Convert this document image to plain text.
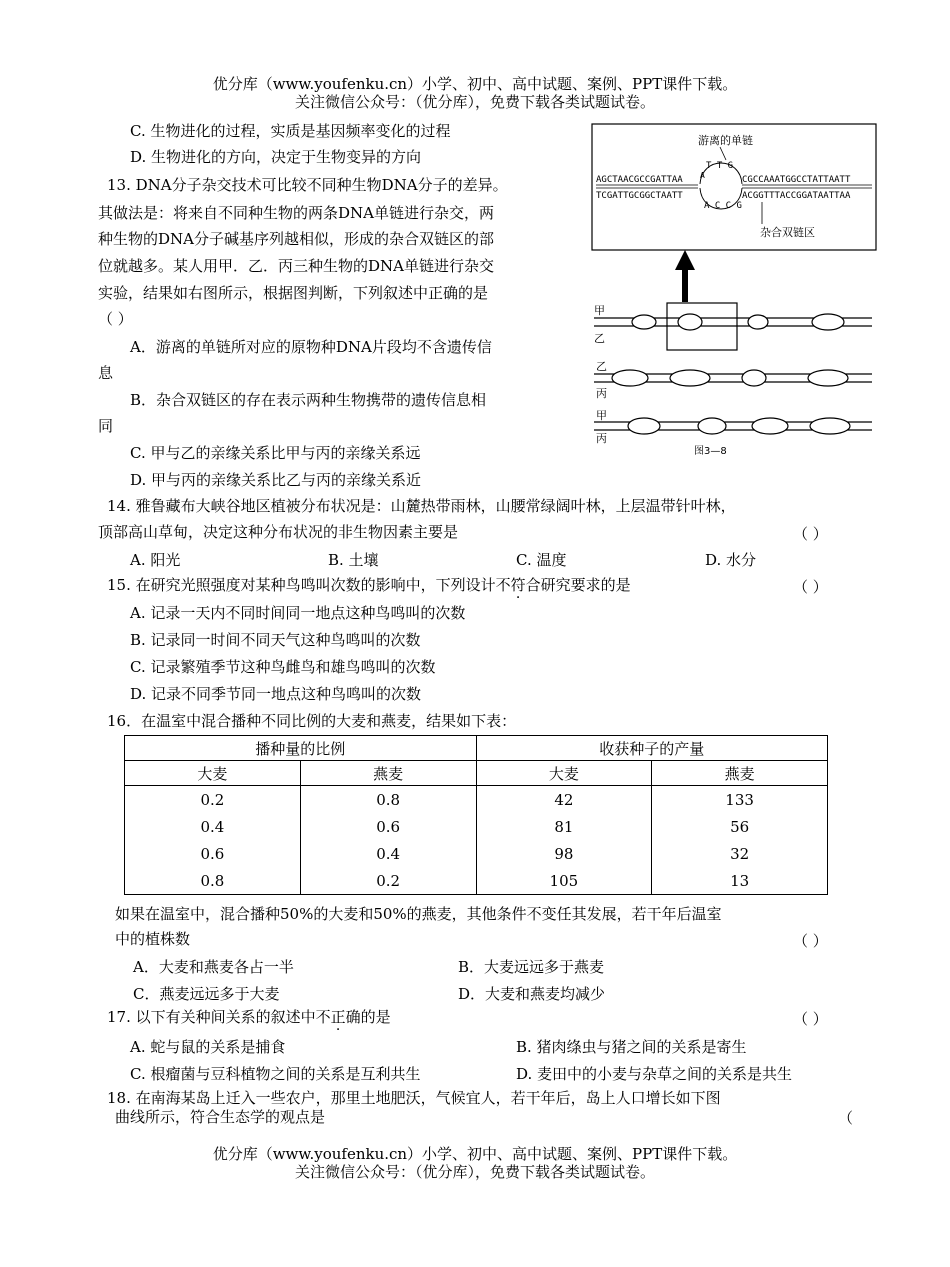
优分库（www.youfenku.cn）小学、初中、高中试题、案例、PPT课件下载。
关注微信公众号：（优分库），免费下载各类试题试卷。
C. 生物进化的过程，实质是基因频率变化的过程
D. 生物进化的方向，决定于生物变异的方向
13. DNA分子杂交技术可比较不同种生物DNA分子的差异。
其做法是：将来自不同种生物的两条DNA单链进行杂交，两
种生物的DNA分子碱基序列越相似，形成的杂合双链区的部
位就越多。某人用甲．乙．丙三种生物的DNA单链进行杂交
实验，结果如右图所示，根据图判断，下列叙述中正确的是
（ ）
A．游离的单链所对应的原物种DNA片段均不含遗传信
息
B．杂合双链区的存在表示两种生物携带的遗传信息相
同
C. 甲与乙的亲缘关系比甲与丙的亲缘关系远
D. 甲与丙的亲缘关系比乙与丙的亲缘关系近
游离的单链
AGCTAACGCCGATTAA
TCGATTGCGGCTAATT
A
T T G
A C C G
CGCCAAATGGCCTATTAATT
ACGGTTTACCGGATAATTAA
杂合双链区
甲
乙
乙
丙
甲
丙
图3—8
14. 雅鲁藏布大峡谷地区植被分布状况是：山麓热带雨林，山腰常绿阔叶林，上层温带针叶林，
顶部高山草甸，决定这种分布状况的非生物因素主要是	（ ）
A. 阳光	B. 土壤	C. 温度	D. 水分
15. 在研究光照强度对某种鸟鸣叫次数的影响中，下列设计不符合研究要求的是	（ ）
A. 记录一天内不同时间同一地点这种鸟鸣叫的次数
B. 记录同一时间不同天气这种鸟鸣叫的次数
C. 记录繁殖季节这种鸟雌鸟和雄鸟鸣叫的次数
D. 记录不同季节同一地点这种鸟鸣叫的次数
16．在温室中混合播种不同比例的大麦和燕麦，结果如下表：
播种量的比例		收获种子的产量	
大麦	燕麦	大麦	燕麦
0.2	0.8	42	133
0.4	0.6	81	56
0.6	0.4	98	32
0.8	0.2	105	13
如果在温室中，混合播种50%的大麦和50%的燕麦，其他条件不变任其发展，若干年后温室
中的植株数	（ ）
A．大麦和燕麦各占一半	B．大麦远远多于燕麦
C．燕麦远远多于大麦	D．大麦和燕麦均减少
17. 以下有关种间关系的叙述中不正确的是	（ ）
A. 蛇与鼠的关系是捕食	B. 猪肉绦虫与猪之间的关系是寄生
C. 根瘤菌与豆科植物之间的关系是互利共生	D. 麦田中的小麦与杂草之间的关系是共生
18. 在南海某岛上迁入一些农户，那里土地肥沃，气候宜人，若干年后，岛上人口增长如下图
曲线所示，符合生态学的观点是	（
优分库（www.youfenku.cn）小学、初中、高中试题、案例、PPT课件下载。
关注微信公众号：（优分库），免费下载各类试题试卷。
